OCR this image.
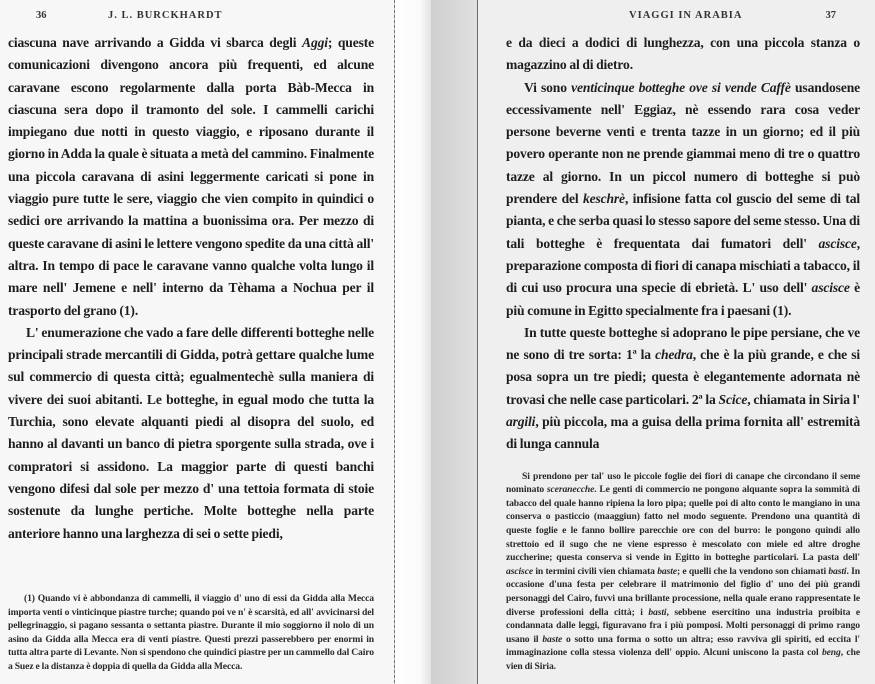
36	J. L. BURCKHARDT

ciascuna nave arrivando a Gidda vi sbarca degli Aggi; queste comunicazioni divengono ancora più frequenti, ed alcune caravane escono regolarmente dalla porta Bàb-Mecca in ciascuna sera dopo il tramonto del sole. I cammelli carichi impiegano due notti in questo viaggio, e riposano durante il giorno in Adda la quale è situata a metà del cammino. Finalmente una piccola caravana di asini leggermente caricati si pone in viaggio pure tutte le sere, viaggio che vien compito in quindici o sedici ore arrivando la mattina a buonissima ora. Per mezzo di queste caravane di asini le lettere vengono spedite da una città all' altra. In tempo di pace le caravane vanno qualche volta lungo il mare nell' Jemene e nell' interno da Tèhama a Nochua per il trasporto del grano (1).

L' enumerazione che vado a fare delle differenti botteghe nelle principali strade mercantili di Gidda, potrà gettare qualche lume sul commercio di questa città; egualmentechè sulla maniera di vivere dei suoi abitanti. Le botteghe, in egual modo che tutta la Turchia, sono elevate alquanti piedi al disopra del suolo, ed hanno al davanti un banco di pietra sporgente sulla strada, ove i compratori si assidono. La maggior parte di questi banchi vengono difesi dal sole per mezzo d' una tettoia formata di stoie sostenute da lunghe pertiche. Molte botteghe nella parte anteriore hanno una larghezza di sei o sette piedi,

(1) Quando vi è abbondanza di cammelli, il viaggio d' uno di essi da Gidda alla Mecca importa venti o vinticinque piastre turche; quando poi ve n' è scarsità, ed all' avvicinarsi del pellegrinaggio, si pagano sessanta o settanta piastre. Durante il mio soggiorno il nolo di un asino da Gidda alla Mecca era di venti piastre. Questi prezzi passerebbero per enormi in tutta altra parte di Levante. Non si spendono che quindici piastre per un cammello dal Cairo a Suez e la distanza è doppia di quella da Gidda alla Mecca.

VIAGGI IN ARABIA	37

e da dieci a dodici di lunghezza, con una piccola stanza o magazzino al di dietro.

Vi sono venticinque botteghe ove si vende Caffè usandosene eccessivamente nell' Eggiaz, nè essendo rara cosa veder persone beverne venti e trenta tazze in un giorno; ed il più povero operante non ne prende giammai meno di tre o quattro tazze al giorno. In un piccol numero di botteghe si può prendere del keschrè, infisione fatta col guscio del seme di tal pianta, e che serba quasi lo stesso sapore del seme stesso. Una di tali botteghe è frequentata dai fumatori dell' ascisce, preparazione composta di fiori di canapa mischiati a tabacco, il di cui uso procura una specie di ebrietà. L' uso dell' ascisce è più comune in Egitto specialmente fra i paesani (1).

In tutte queste botteghe si adoprano le pipe persiane, che ve ne sono di tre sorta: 1ª la chedra, che è la più grande, e che si posa sopra un tre piedi; questa è elegantemente adornata nè trovasi che nelle case particolari. 2ª la Scice, chiamata in Siria l' argili, più piccola, ma a guisa della prima fornita all' estremità di lunga cannula

Si prendono per tal' uso le piccole foglie dei fiori di canape che circondano il seme nominato sceranecche. Le genti di commercio ne pongono alquante sopra la sommità di tabacco del quale hanno ripiena la loro pipa; quelle poi di alto conto le mangiano in una conserva o pasticcio (maaggiun) fatto nel modo seguente. Prendono una quantità di queste foglie e le fanno bollire parecchie ore con del burro: le pongono quindi allo strettoio ed il sugo che ne viene espresso è mescolato con miele ed altre droghe zuccherine; questa conserva si vende in Egitto in botteghe particolari. La pasta dell' ascisce in termini civili vien chiamata baste; e quelli che la vendono son chiamati basti. In occasione d'una festa per celebrare il matrimonio del figlio d' uno dei più grandi personaggi del Cairo, fuvvi una brillante processione, nella quale erano rappresentate le diverse professioni della città; i basti, sebbene esercitino una industria proibita e condannata dalle leggi, figuravano fra i più pomposi. Molti personaggi di primo rango usano il baste o sotto una forma o sotto un altra; esso ravviva gli spiriti, ed eccita l' immaginazione colla stessa violenza dell' oppio. Alcuni uniscono la pasta col beng, che vien di Siria.
